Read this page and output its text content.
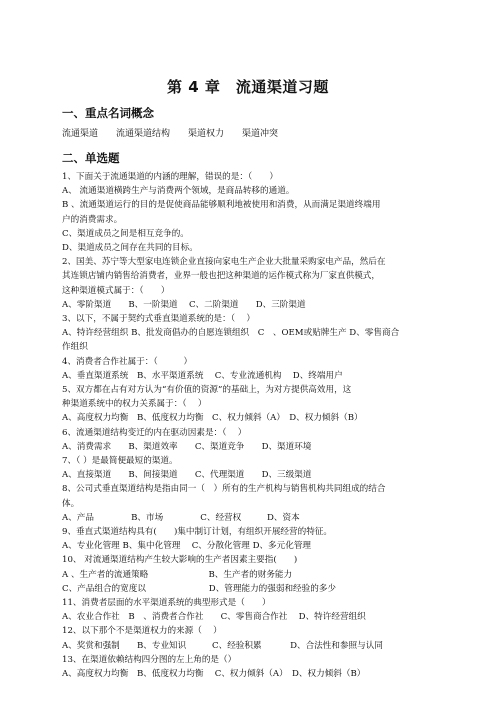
第 4 章　流通渠道习题
一、重点名词概念
流通渠道　　流通渠道结构　　渠道权力　　渠道冲突
二、单选题
1、下面关于流通渠道的内涵的理解，错误的是：（　　）
A、 流通渠道横跨生产与消费两个领域，是商品转移的通道。
B 、流通渠道运行的目的是促使商品能够顺利地被使用和消费，从而满足渠道终端用
户的消费需求。
C、渠道成员之间是相互竞争的。
D、渠道成员之间存在共同的目标。
2、国美、苏宁等大型家电连锁企业直接向家电生产企业大批量采购家电产品，然后在
其连锁店铺内销售给消费者，业界一般也把这种渠道的运作模式称为厂家直供模式，
这种渠道模式属于：（　　）
A、零阶渠道　　B、一阶渠道　 C、二阶渠道　　D、三阶渠道
3、以下，不属于契约式垂直渠道系统的是：（　 ）
A、特许经营组织 B、批发商倡办的自愿连锁组织　C　、OEM或贴牌生产 D、零售商合
作组织
4、消费者合作社属于：（　　　）
A、垂直渠道系统　B、水平渠道系统　 C、专业流通机构　 D、终端用户
5、双方都在占有对方认为“有价值的资源”的基础上，为对方提供高效用，这
种渠道系统中的权力关系属于：（　 ）
A、高度权力均衡　B、低度权力均衡　C、权力倾斜（A）　D、权力倾斜（B）
6、流通渠道结构变迁的内在驱动因素是：（　 ）
A、消费需求　　B、渠道效率　　C、渠道竞争　　D、渠道环境
7、（ ）是最简便最短的渠道。
A、直接渠道　　B、间接渠道　　C、代理渠道　　D、三级渠道
8、公司式垂直渠道结构是指由同一（　）所有的生产机构与销售机构共同组成的结合
体。
A、产品　　　　 B、市场　　　　 C、经营权　　　D、资本
9、垂直式渠道结构具有(　　)集中制订计划，有组织开展经营的特征。
A、专业化管理 B、集中化管理　 C、分散化管理 D、多元化管理
10、 对流通渠道结构产生较大影响的生产者因素主要指(　　)
A 、生产者的流通策略　　　　　　　B、生产者的财务能力
C、产品组合的宽度以　　　　　　　 D、管理能力的强弱和经验的多少
11、消费者层面的水平渠道系统的典型形式是（　　）
A、农业合作社　B　、消费者合作社　　C、零售商合作社　 D、特许经营组织
12、以下那个不是渠道权力的来源（　 ）
A、奖赏和强制　　B、专业知识　　　C、经验积累　　　 D、合法性和参照与认同
13、在渠道依赖结构四分图的左上角的是（）
A、高度权力均衡　B、低度权力均衡　 C、权力倾斜（A）　D、权力倾斜（B）
